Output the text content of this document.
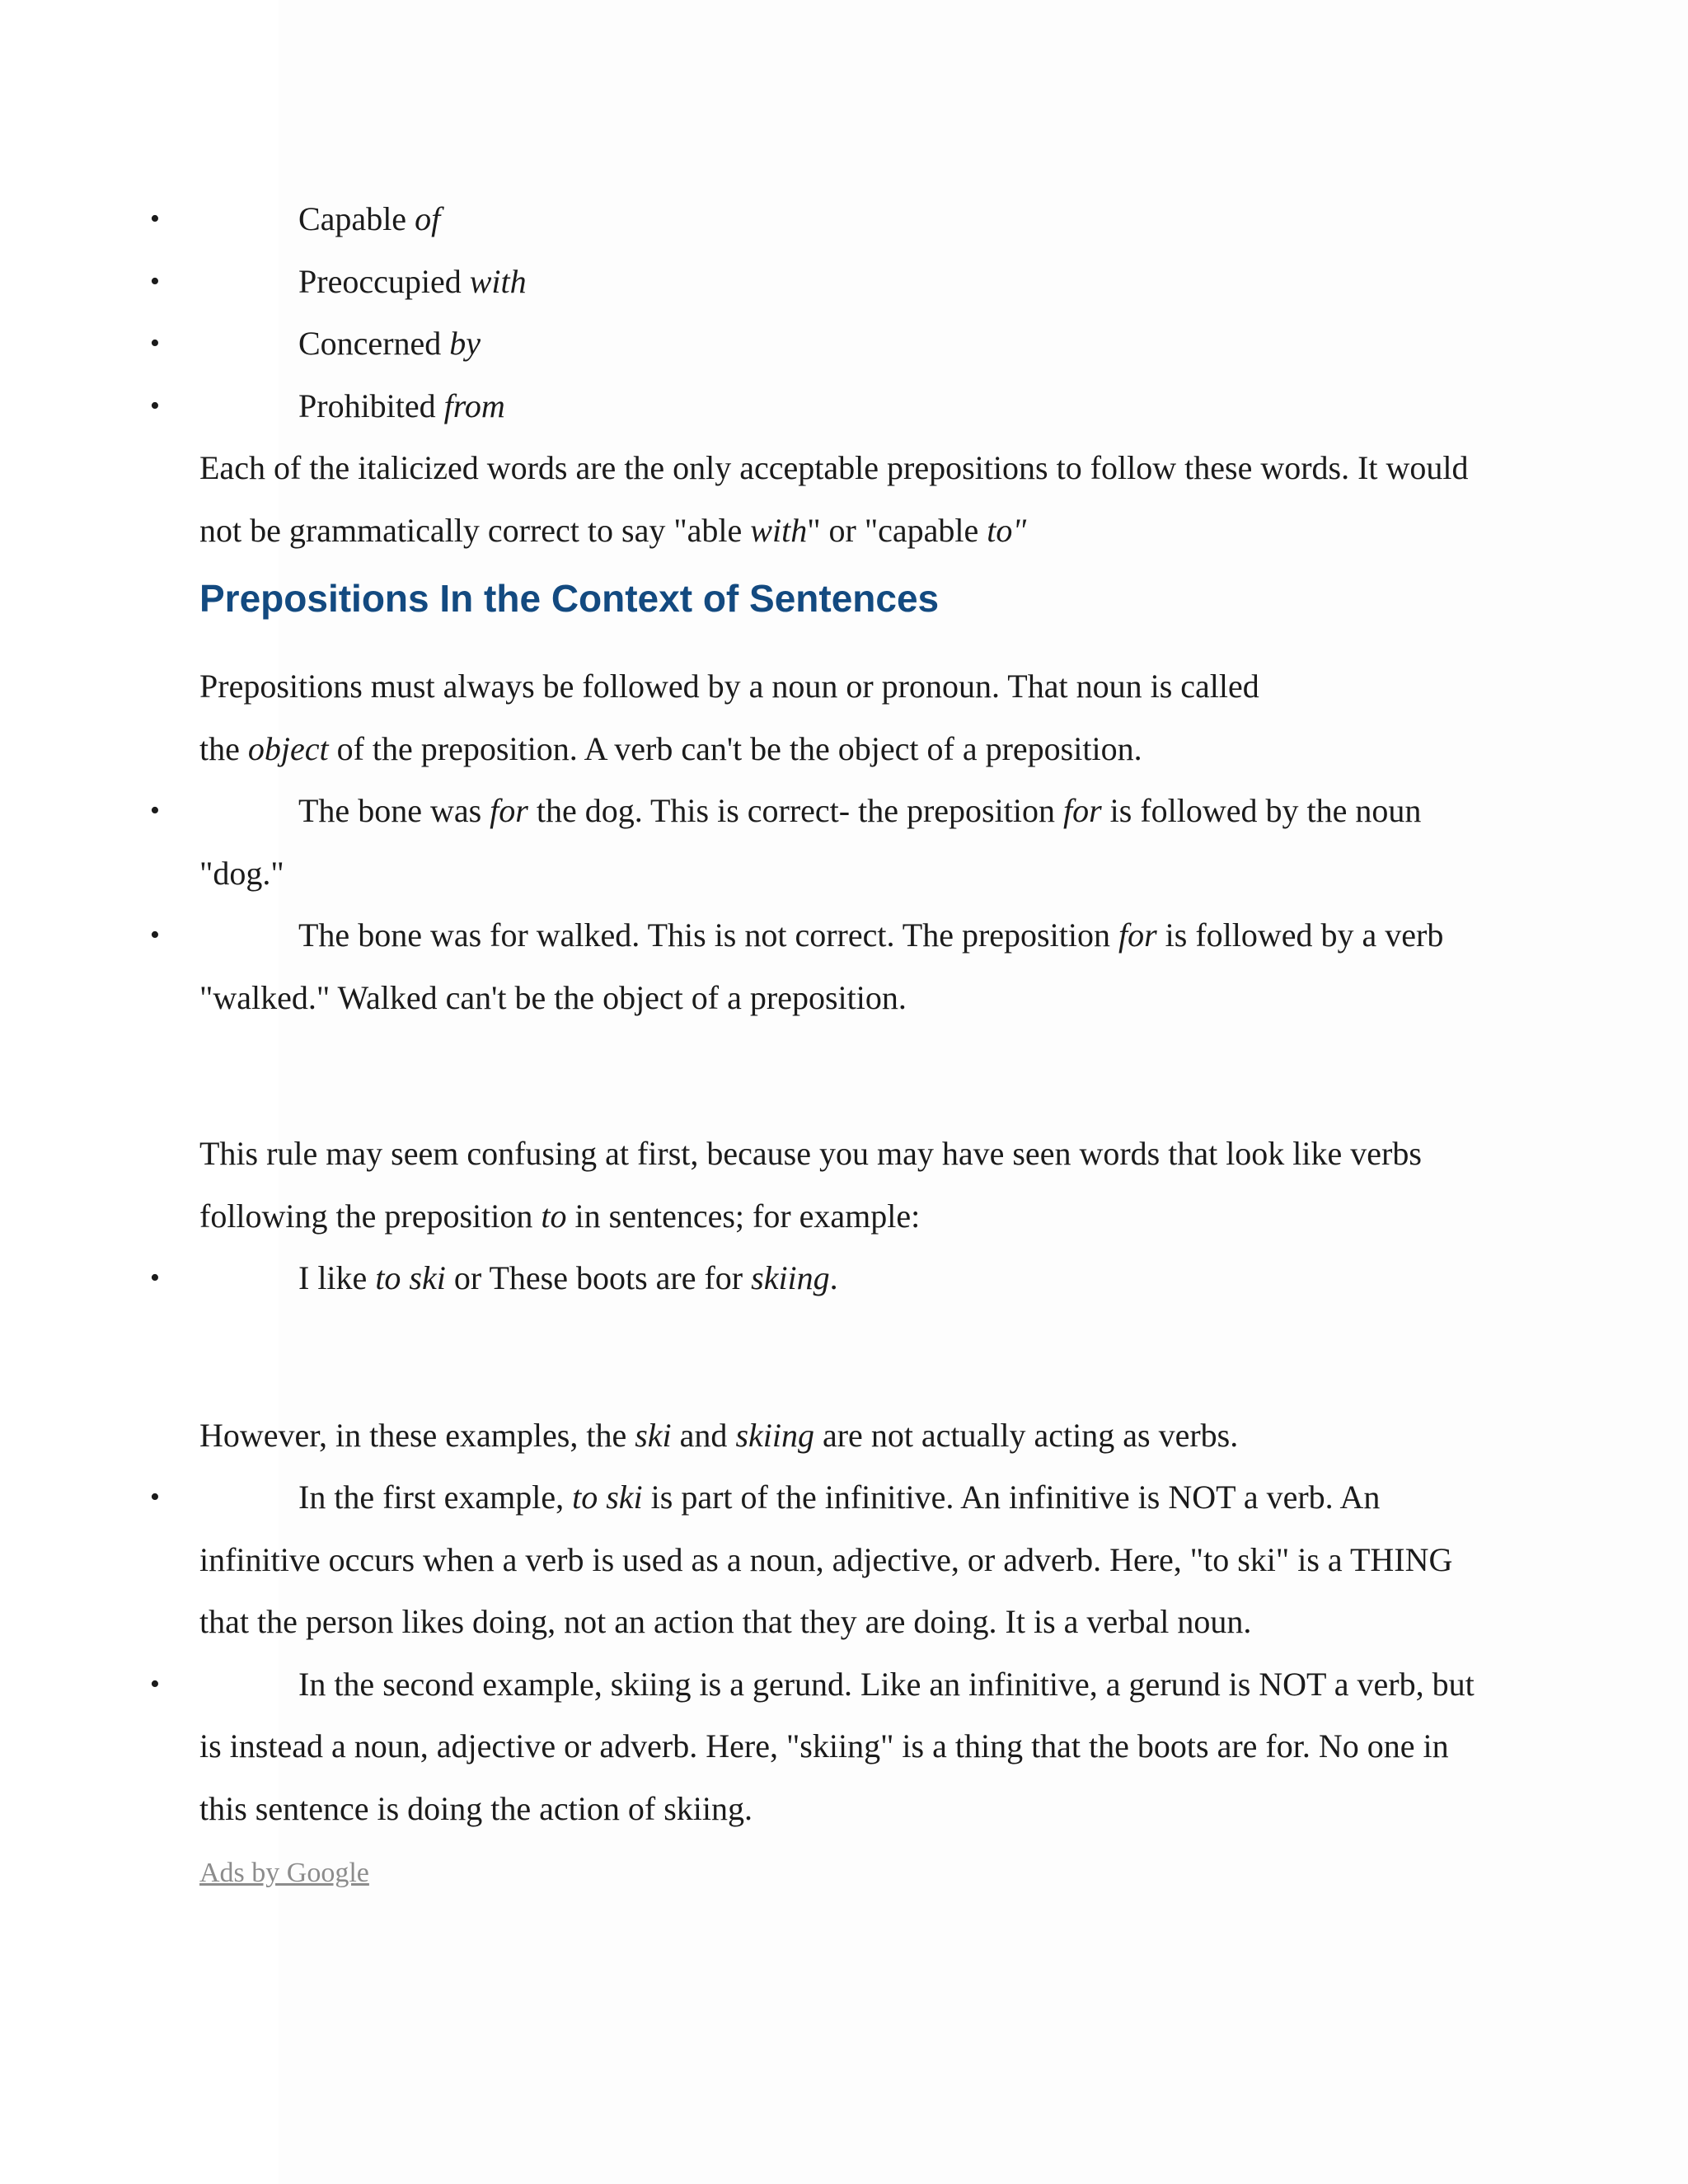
• Capable of
• Preoccupied with
• Concerned by
• Prohibited from

Each of the italicized words are the only acceptable prepositions to follow these words. It would not be grammatically correct to say "able with" or "capable to"

Prepositions In the Context of Sentences

Prepositions must always be followed by a noun or pronoun. That noun is called
the object of the preposition. A verb can't be the object of a preposition.

• The bone was for the dog. This is correct- the preposition for is followed by the noun "dog."
• The bone was for walked. This is not correct. The preposition for is followed by a verb "walked." Walked can't be the object of a preposition.

This rule may seem confusing at first, because you may have seen words that look like verbs following the preposition to in sentences; for example:

• I like to ski or These boots are for skiing.

However, in these examples, the ski and skiing are not actually acting as verbs.

• In the first example, to ski is part of the infinitive. An infinitive is NOT a verb. An infinitive occurs when a verb is used as a noun, adjective, or adverb. Here, "to ski" is a THING that the person likes doing, not an action that they are doing. It is a verbal noun.
• In the second example, skiing is a gerund. Like an infinitive, a gerund is NOT a verb, but is instead a noun, adjective or adverb. Here, "skiing" is a thing that the boots are for. No one in this sentence is doing the action of skiing.
Ads by Google
